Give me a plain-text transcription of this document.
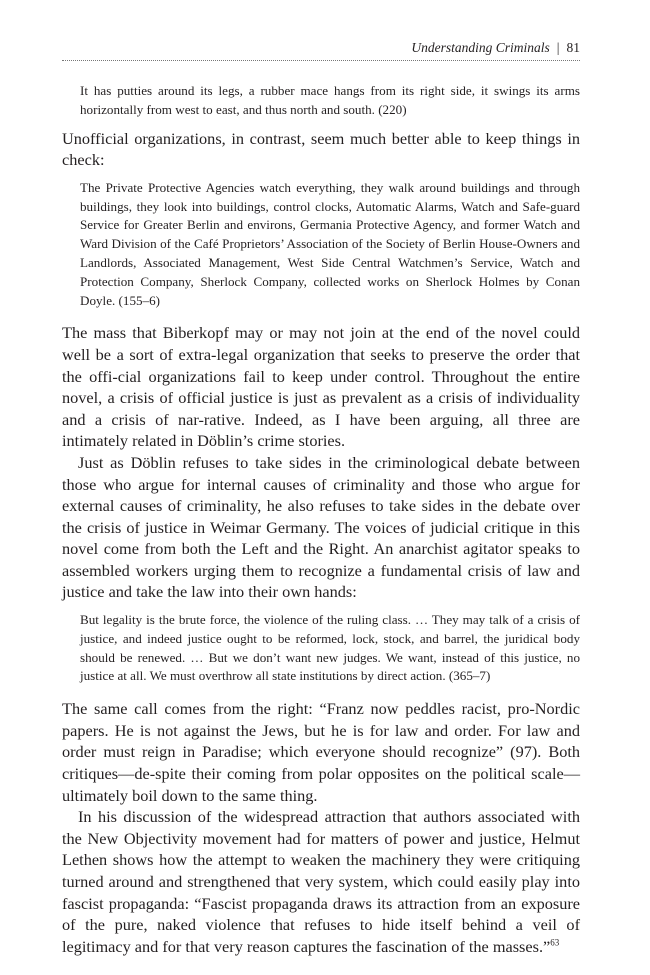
Understanding Criminals | 81

It has putties around its legs, a rubber mace hangs from its right side, it swings its arms horizontally from west to east, and thus north and south. (220)

Unofficial organizations, in contrast, seem much better able to keep things in check:

The Private Protective Agencies watch everything, they walk around buildings and through buildings, they look into buildings, control clocks, Automatic Alarms, Watch and Safe-guard Service for Greater Berlin and environs, Germania Protective Agency, and former Watch and Ward Division of the Café Proprietors’ Association of the Society of Berlin House-Owners and Landlords, Associated Management, West Side Central Watchmen’s Service, Watch and Protection Company, Sherlock Company, collected works on Sherlock Holmes by Conan Doyle. (155–6)

The mass that Biberkopf may or may not join at the end of the novel could well be a sort of extra-legal organization that seeks to preserve the order that the offi-cial organizations fail to keep under control. Throughout the entire novel, a crisis of official justice is just as prevalent as a crisis of individuality and a crisis of nar-rative. Indeed, as I have been arguing, all three are intimately related in Döblin’s crime stories.

Just as Döblin refuses to take sides in the criminological debate between those who argue for internal causes of criminality and those who argue for external causes of criminality, he also refuses to take sides in the debate over the crisis of justice in Weimar Germany. The voices of judicial critique in this novel come from both the Left and the Right. An anarchist agitator speaks to assembled workers urging them to recognize a fundamental crisis of law and justice and take the law into their own hands:

But legality is the brute force, the violence of the ruling class. … They may talk of a crisis of justice, and indeed justice ought to be reformed, lock, stock, and barrel, the juridical body should be renewed. … But we don’t want new judges. We want, instead of this justice, no justice at all. We must overthrow all state institutions by direct action. (365–7)

The same call comes from the right: “Franz now peddles racist, pro-Nordic papers. He is not against the Jews, but he is for law and order. For law and order must reign in Paradise; which everyone should recognize” (97). Both critiques—de-spite their coming from polar opposites on the political scale—ultimately boil down to the same thing.

In his discussion of the widespread attraction that authors associated with the New Objectivity movement had for matters of power and justice, Helmut Lethen shows how the attempt to weaken the machinery they were critiquing turned around and strengthened that very system, which could easily play into fascist propaganda: “Fascist propaganda draws its attraction from an exposure of the pure, naked violence that refuses to hide itself behind a veil of legitimacy and for that very reason captures the fascination of the masses.”$^{63}$
